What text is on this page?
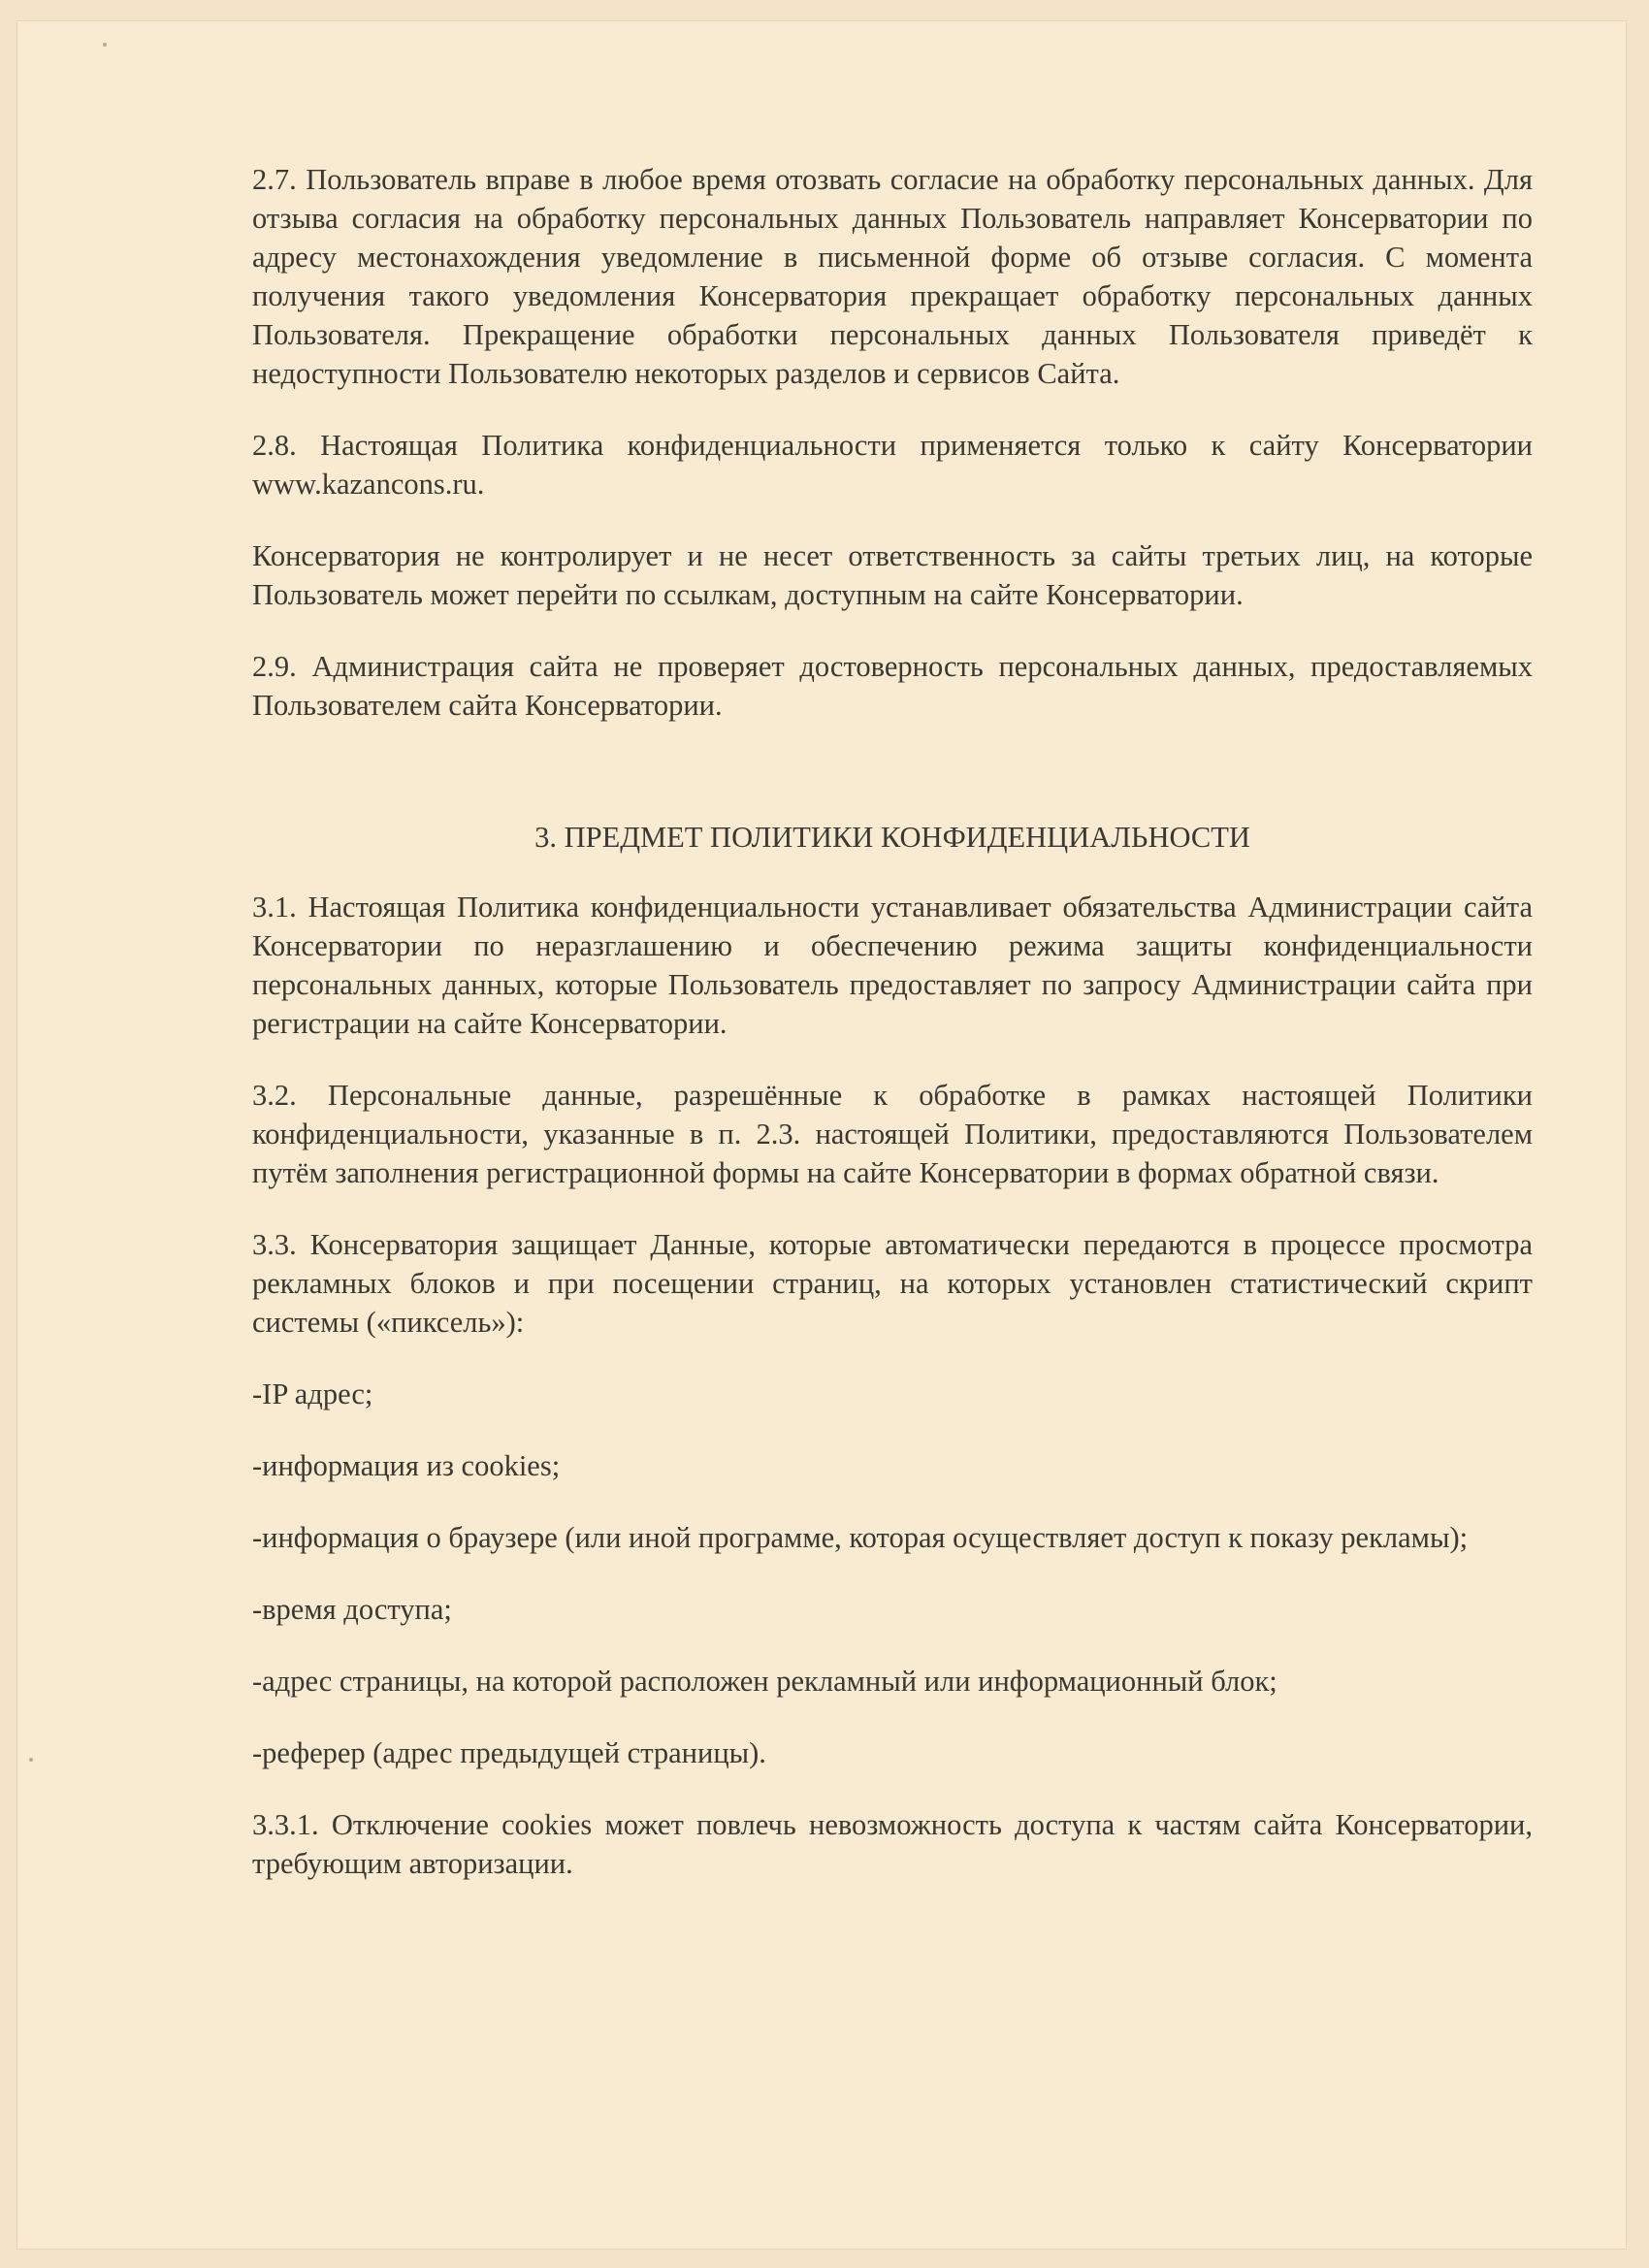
2.7. Пользователь вправе в любое время отозвать согласие на обработку персональных данных. Для отзыва согласия на обработку персональных данных Пользователь направляет Консерватории по адресу местонахождения уведомление в письменной форме об отзыве согласия. С момента получения такого уведомления Консерватория прекращает обработку персональных данных Пользователя. Прекращение обработки персональных данных Пользователя приведёт к недоступности Пользователю некоторых разделов и сервисов Сайта.

2.8. Настоящая Политика конфиденциальности применяется только к сайту Консерватории www.kazancons.ru.

Консерватория не контролирует и не несет ответственность за сайты третьих лиц, на которые Пользователь может перейти по ссылкам, доступным на сайте Консерватории.

2.9. Администрация сайта не проверяет достоверность персональных данных, предоставляемых Пользователем сайта Консерватории.

3. ПРЕДМЕТ ПОЛИТИКИ КОНФИДЕНЦИАЛЬНОСТИ

3.1. Настоящая Политика конфиденциальности устанавливает обязательства Администрации сайта Консерватории по неразглашению и обеспечению режима защиты конфиденциальности персональных данных, которые Пользователь предоставляет по запросу Администрации сайта при регистрации на сайте Консерватории.

3.2. Персональные данные, разрешённые к обработке в рамках настоящей Политики конфиденциальности, указанные в п. 2.3. настоящей Политики, предоставляются Пользователем путём заполнения регистрационной формы на сайте Консерватории в формах обратной связи.

3.3. Консерватория защищает Данные, которые автоматически передаются в процессе просмотра рекламных блоков и при посещении страниц, на которых установлен статистический скрипт системы («пиксель»):

-IP адрес;

-информация из cookies;

-информация о браузере (или иной программе, которая осуществляет доступ к показу рекламы);

-время доступа;

-адрес страницы, на которой расположен рекламный или информационный блок;

-реферер (адрес предыдущей страницы).

3.3.1. Отключение cookies может повлечь невозможность доступа к частям сайта Консерватории, требующим авторизации.
